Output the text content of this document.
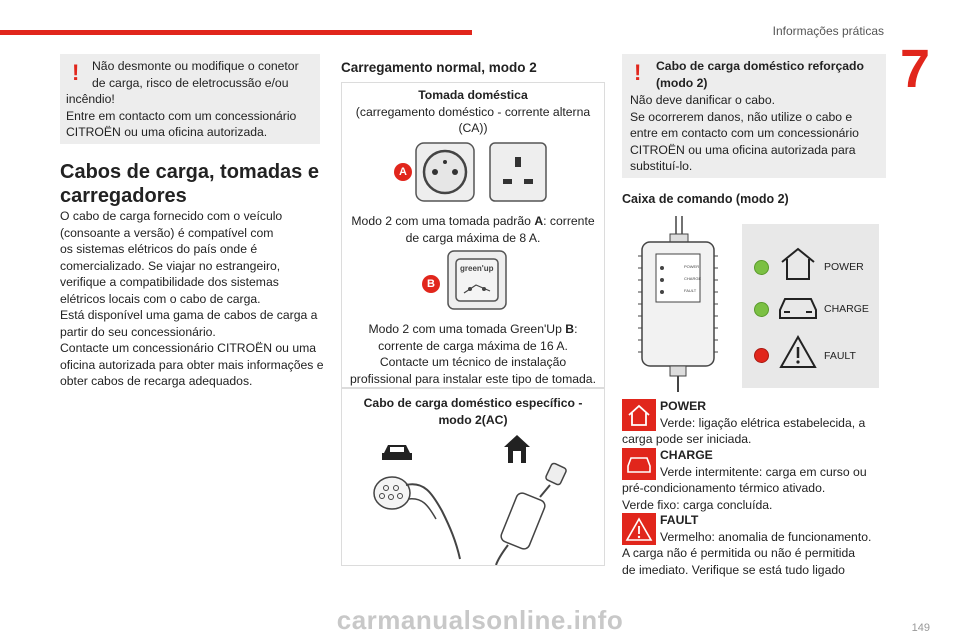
Informações práticas
7
! Não desmonte ou modifique o conetor

de carga, risco de eletrocussão e/ou

incêndio!

Entre em contacto com um concessionário

CITROËN ou uma oficina autorizada.

Cabos de carga, tomadas e

carregadores

O cabo de carga fornecido com o veículo

(consoante a versão) é compatível com

os sistemas elétricos do país onde é

comercializado. Se viajar no estrangeiro,

verifique a compatibilidade dos sistemas

elétricos locais com o cabo de carga.

Está disponível uma gama de cabos de carga a

partir do seu concessionário.

Contacte um concessionário CITROËN ou uma

oficina autorizada para obter mais informações e

obter cabos de recarga adequados.

Carregamento normal, modo 2

Tomada doméstica

(carregamento doméstico - corrente alterna

(CA))

A

Modo 2 com uma tomada padrão A: corrente

de carga máxima de 8 A.

B
green'up

Modo 2 com uma tomada Green'Up B:

corrente de carga máxima de 16 A.

Contacte um técnico de instalação

profissional para instalar este tipo de tomada.

Cabo de carga doméstico específico -

modo 2(AC)

! Cabo de carga doméstico reforçado

(modo 2)

Não deve danificar o cabo.

Se ocorrerem danos, não utilize o cabo e

entre em contacto com um concessionário

CITROËN ou uma oficina autorizada para

substituí-lo.

Caixa de comando (modo 2)
POWER
CHARGE
FAULT
POWER
CHARGE
FAULT

POWER

Verde: ligação elétrica estabelecida, a

carga pode ser iniciada.

CHARGE

Verde intermitente: carga em curso ou

pré-condicionamento térmico ativado.

Verde fixo: carga concluída.

FAULT

Vermelho: anomalia de funcionamento.

A carga não é permitida ou não é permitida

de imediato. Verifique se está tudo ligado

149
carmanualsonline.info
